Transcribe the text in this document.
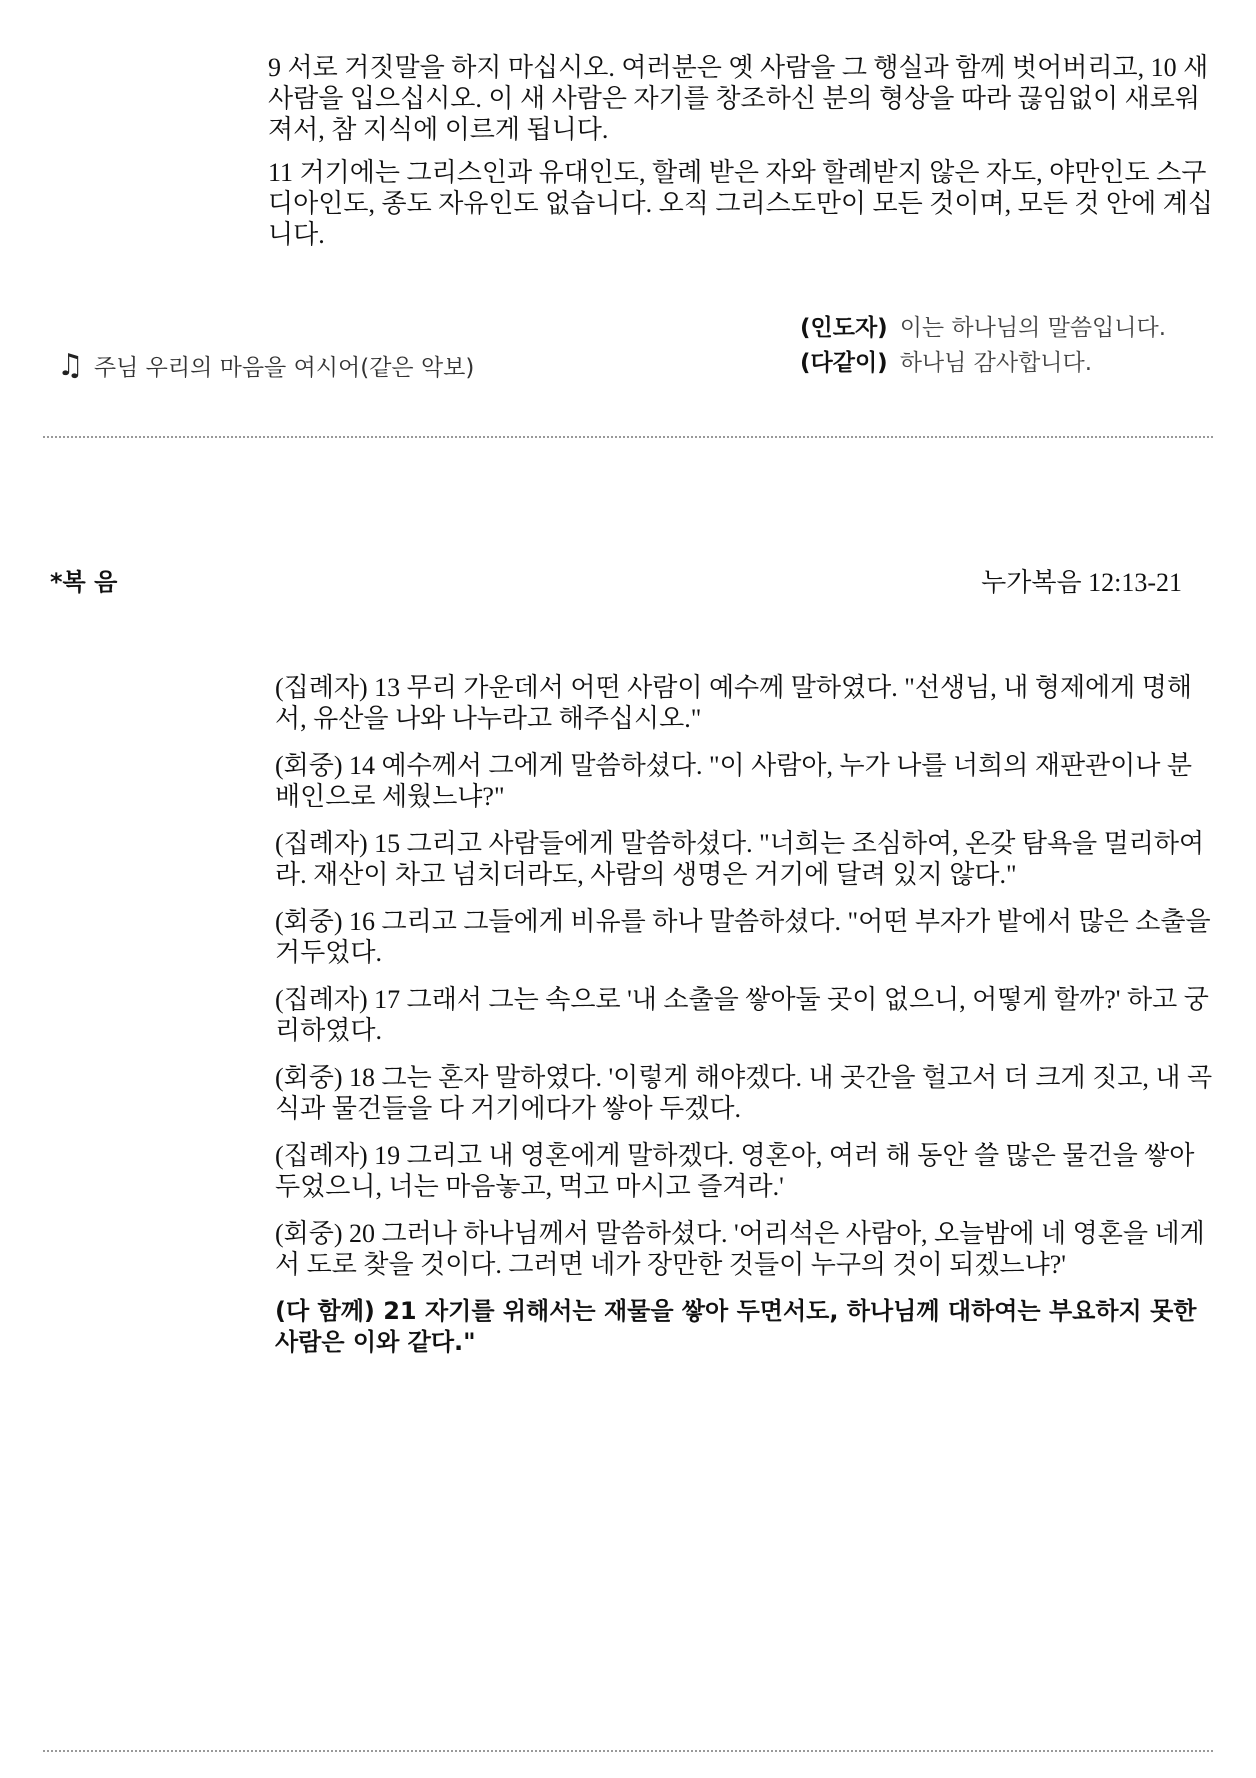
9 서로 거짓말을 하지 마십시오. 여러분은 옛 사람을 그 행실과 함께 벗어버리고, 10 새 사람을 입으십시오. 이 새 사람은 자기를 창조하신 분의 형상을 따라 끊임없이 새로워져서, 참 지식에 이르게 됩니다.

11 거기에는 그리스인과 유대인도, 할례 받은 자와 할례받지 않은 자도, 야만인도 스구디아인도, 종도 자유인도 없습니다. 오직 그리스도만이 모든 것이며, 모든 것 안에 계십니다.

♫ 주님 우리의 마음을 여시어(같은 악보)
(인도자) 이는 하나님의 말씀입니다.
(다같이) 하나님 감사합니다.
*복 음	누가복음 12:13-21

(집례자) 13 무리 가운데서 어떤 사람이 예수께 말하였다. "선생님, 내 형제에게 명해서, 유산을 나와 나누라고 해주십시오."

(회중) 14 예수께서 그에게 말씀하셨다. "이 사람아, 누가 나를 너희의 재판관이나 분배인으로 세웠느냐?"

(집례자) 15 그리고 사람들에게 말씀하셨다. "너희는 조심하여, 온갖 탐욕을 멀리하여라. 재산이 차고 넘치더라도, 사람의 생명은 거기에 달려 있지 않다."

(회중) 16 그리고 그들에게 비유를 하나 말씀하셨다. "어떤 부자가 밭에서 많은 소출을 거두었다.

(집례자) 17 그래서 그는 속으로 '내 소출을 쌓아둘 곳이 없으니, 어떻게 할까?' 하고 궁리하였다.

(회중) 18 그는 혼자 말하였다. '이렇게 해야겠다. 내 곳간을 헐고서 더 크게 짓고, 내 곡식과 물건들을 다 거기에다가 쌓아 두겠다.

(집례자) 19 그리고 내 영혼에게 말하겠다. 영혼아, 여러 해 동안 쓸 많은 물건을 쌓아 두었으니, 너는 마음놓고, 먹고 마시고 즐겨라.'

(회중) 20 그러나 하나님께서 말씀하셨다. '어리석은 사람아, 오늘밤에 네 영혼을 네게서 도로 찾을 것이다. 그러면 네가 장만한 것들이 누구의 것이 되겠느냐?'

(다 함께) 21 자기를 위해서는 재물을 쌓아 두면서도, 하나님께 대하여는 부요하지 못한 사람은 이와 같다."
